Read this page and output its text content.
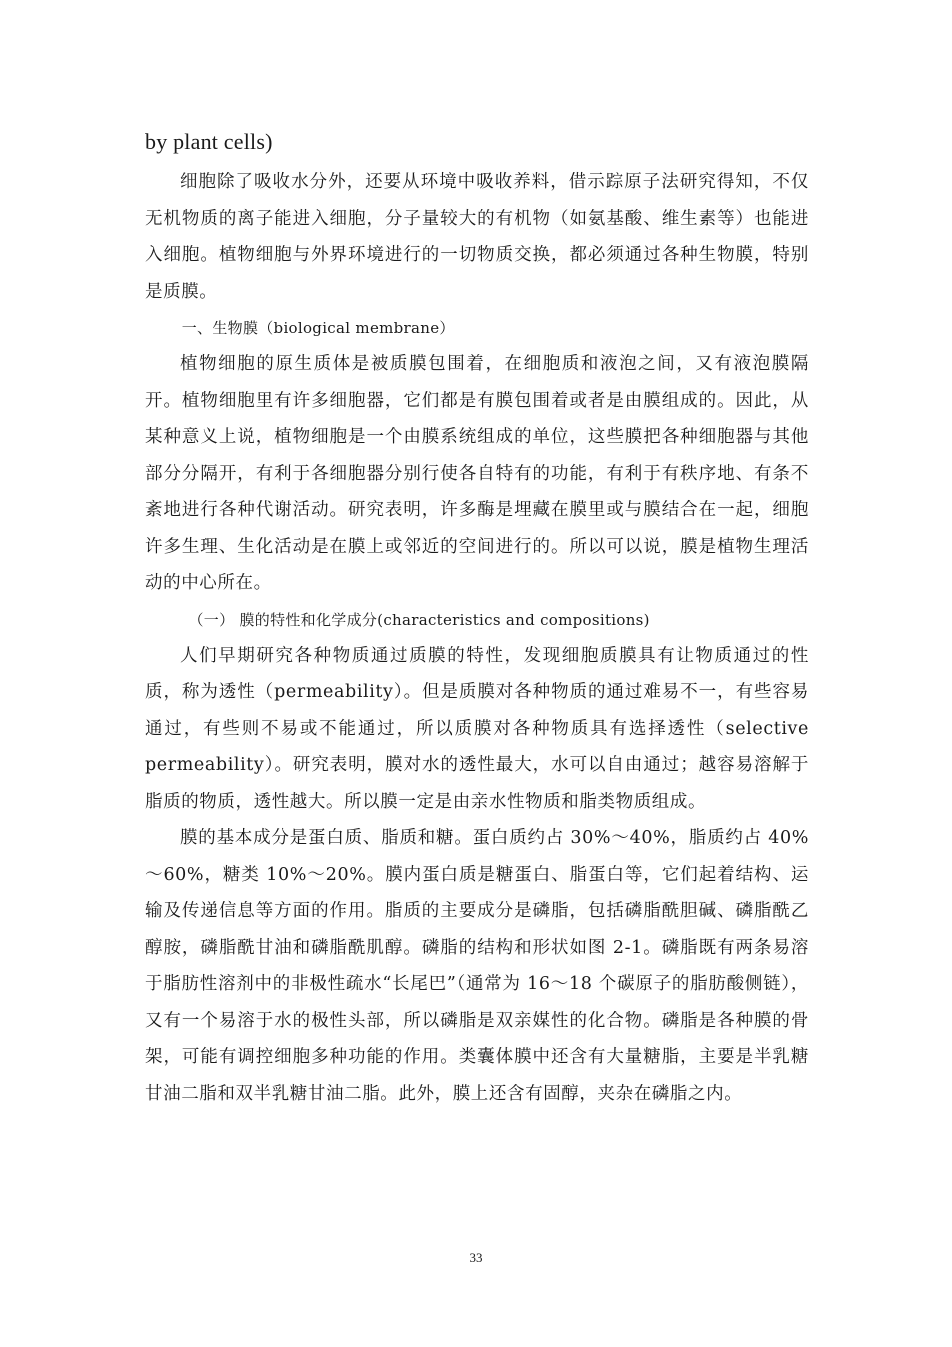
by plant cells)

细胞除了吸收水分外，还要从环境中吸收养料，借示踪原子法研究得知，不仅无机物质的离子能进入细胞，分子量较大的有机物（如氨基酸、维生素等）也能进入细胞。植物细胞与外界环境进行的一切物质交换，都必须通过各种生物膜，特别是质膜。

一、生物膜（biological membrane）

植物细胞的原生质体是被质膜包围着，在细胞质和液泡之间，又有液泡膜隔开。植物细胞里有许多细胞器，它们都是有膜包围着或者是由膜组成的。因此，从某种意义上说，植物细胞是一个由膜系统组成的单位，这些膜把各种细胞器与其他部分分隔开，有利于各细胞器分别行使各自特有的功能，有利于有秩序地、有条不紊地进行各种代谢活动。研究表明，许多酶是埋藏在膜里或与膜结合在一起，细胞许多生理、生化活动是在膜上或邻近的空间进行的。所以可以说，膜是植物生理活动的中心所在。

（一） 膜的特性和化学成分(characteristics and compositions)

人们早期研究各种物质通过质膜的特性，发现细胞质膜具有让物质通过的性质，称为透性（permeability）。但是质膜对各种物质的通过难易不一，有些容易通过，有些则不易或不能通过，所以质膜对各种物质具有选择透性（selective permeability）。研究表明，膜对水的透性最大，水可以自由通过；越容易溶解于脂质的物质，透性越大。所以膜一定是由亲水性物质和脂类物质组成。

膜的基本成分是蛋白质、脂质和糖。蛋白质约占 30%～40%，脂质约占 40%～60%，糖类 10%～20%。膜内蛋白质是糖蛋白、脂蛋白等，它们起着结构、运输及传递信息等方面的作用。脂质的主要成分是磷脂，包括磷脂酰胆碱、磷脂酰乙醇胺，磷脂酰甘油和磷脂酰肌醇。磷脂的结构和形状如图 2-1。磷脂既有两条易溶于脂肪性溶剂中的非极性疏水“长尾巴”（通常为 16～18 个碳原子的脂肪酸侧链），又有一个易溶于水的极性头部，所以磷脂是双亲媒性的化合物。磷脂是各种膜的骨架，可能有调控细胞多种功能的作用。类囊体膜中还含有大量糖脂，主要是半乳糖甘油二脂和双半乳糖甘油二脂。此外，膜上还含有固醇，夹杂在磷脂之内。

33
